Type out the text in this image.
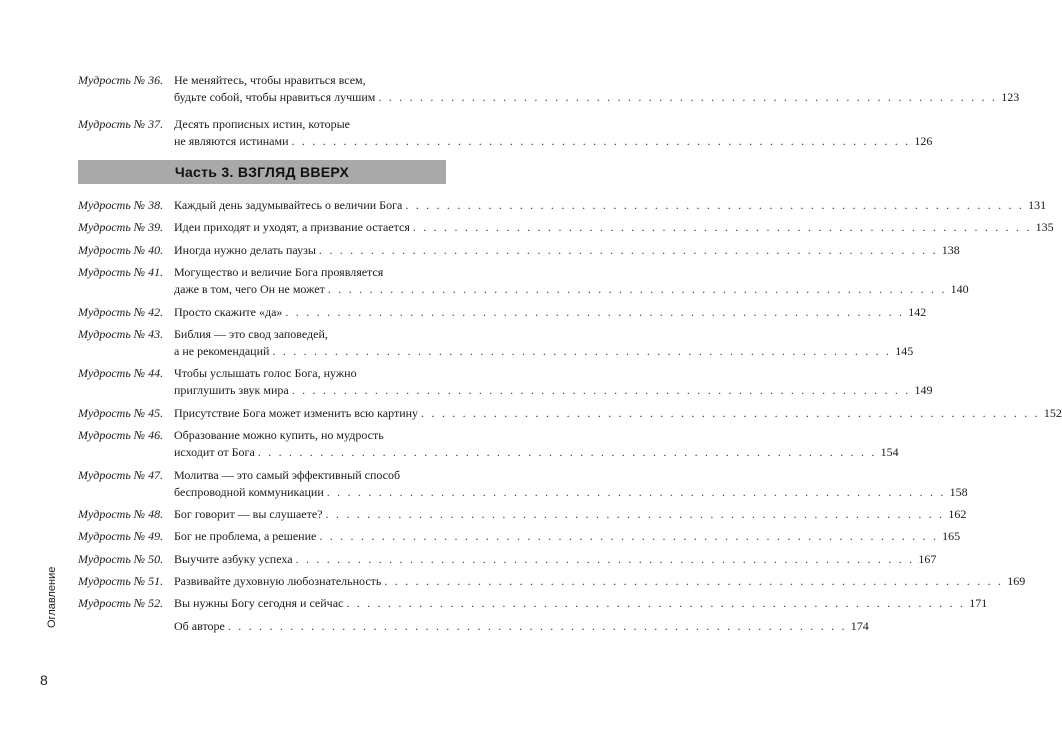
Мудрость № 36. Не меняйтесь, чтобы нравиться всем,
будьте собой, чтобы нравиться лучшим . . . . . . . . . . . . . . . . . . . . . . . . . . . . . . . . . . . . . . . . . . . . . . . . . . . . . . . . . . . . 123
Мудрость № 37. Десять прописных истин, которые
не являются истинами . . . . . . . . . . . . . . . . . . . . . . . . . . . . . . . . . . . . . . . . . . . . . . . . . . . . . . . . . . . . 126
Часть 3. ВЗГЛЯД ВВЕРХ
Мудрость № 38. Каждый день задумывайтесь о величии Бога . . . . . . . . . . . . . . . . . . . . . . . . . . . . . . . . . . . . . . . . . . . . . . . . . . . . . . . . . . . . 131
Мудрость № 39. Идеи приходят и уходят, а призвание остается . . . . . . . . . . . . . . . . . . . . . . . . . . . . . . . . . . . . . . . . . . . . . . . . . . . . . . . . . . . . 135
Мудрость № 40. Иногда нужно делать паузы . . . . . . . . . . . . . . . . . . . . . . . . . . . . . . . . . . . . . . . . . . . . . . . . . . . . . . . . . . . . 138
Мудрость № 41. Могущество и величие Бога проявляется
даже в том, чего Он не может . . . . . . . . . . . . . . . . . . . . . . . . . . . . . . . . . . . . . . . . . . . . . . . . . . . . . . . . . . . . 140
Мудрость № 42. Просто скажите «да» . . . . . . . . . . . . . . . . . . . . . . . . . . . . . . . . . . . . . . . . . . . . . . . . . . . . . . . . . . . . 142
Мудрость № 43. Библия — это свод заповедей,
а не рекомендаций . . . . . . . . . . . . . . . . . . . . . . . . . . . . . . . . . . . . . . . . . . . . . . . . . . . . . . . . . . . . 145
Мудрость № 44. Чтобы услышать голос Бога, нужно
приглушить звук мира . . . . . . . . . . . . . . . . . . . . . . . . . . . . . . . . . . . . . . . . . . . . . . . . . . . . . . . . . . . . 149
Мудрость № 45. Присутствие Бога может изменить всю картину . . . . . . . . . . . . . . . . . . . . . . . . . . . . . . . . . . . . . . . . . . . . . . . . . . . . . . . . . . . . 152
Мудрость № 46. Образование можно купить, но мудрость
исходит от Бога . . . . . . . . . . . . . . . . . . . . . . . . . . . . . . . . . . . . . . . . . . . . . . . . . . . . . . . . . . . . 154
Мудрость № 47. Молитва — это самый эффективный способ
беспроводной коммуникации . . . . . . . . . . . . . . . . . . . . . . . . . . . . . . . . . . . . . . . . . . . . . . . . . . . . . . . . . . . . 158
Мудрость № 48. Бог говорит — вы слушаете? . . . . . . . . . . . . . . . . . . . . . . . . . . . . . . . . . . . . . . . . . . . . . . . . . . . . . . . . . . . . 162
Мудрость № 49. Бог не проблема, а решение . . . . . . . . . . . . . . . . . . . . . . . . . . . . . . . . . . . . . . . . . . . . . . . . . . . . . . . . . . . . 165
Мудрость № 50. Выучите азбуку успеха . . . . . . . . . . . . . . . . . . . . . . . . . . . . . . . . . . . . . . . . . . . . . . . . . . . . . . . . . . . . 167
Мудрость № 51. Развивайте духовную любознательность . . . . . . . . . . . . . . . . . . . . . . . . . . . . . . . . . . . . . . . . . . . . . . . . . . . . . . . . . . . . 169
Мудрость № 52. Вы нужны Богу сегодня и сейчас . . . . . . . . . . . . . . . . . . . . . . . . . . . . . . . . . . . . . . . . . . . . . . . . . . . . . . . . . . . . 171
Об авторе . . . . . . . . . . . . . . . . . . . . . . . . . . . . . . . . . . . . . . . . . . . . . . . . . . . . . . . . . . . . 174
Оглавление
8
